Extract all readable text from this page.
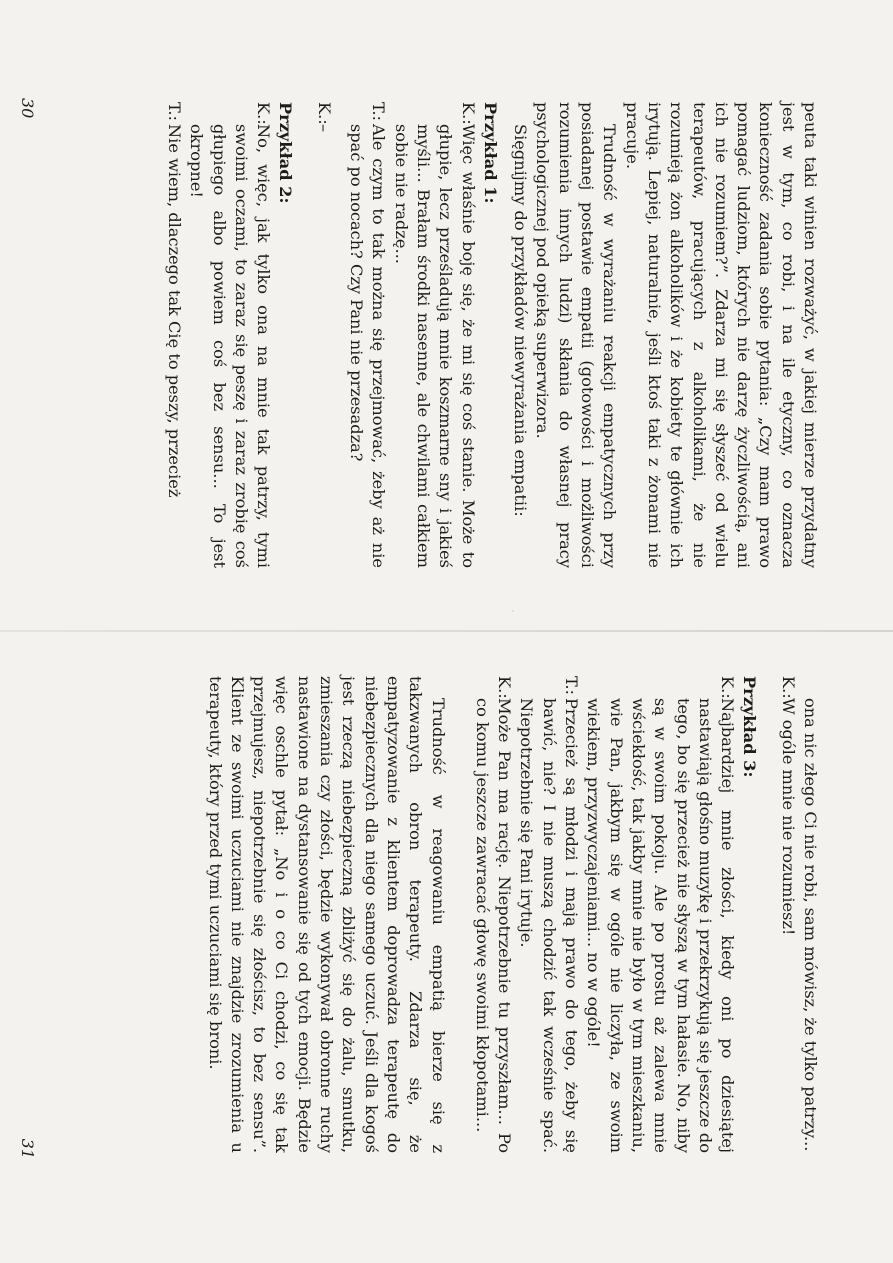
peuta taki winien rozważyć, w jakiej mierze przydatny jest w tym, co robi, i na ile etyczny, co oznacza konieczność zadania sobie pytania: „Czy mam prawo pomagać ludziom, których nie darzę życzliwością, ani ich nie rozumiem?”. Zdarza mi się słyszeć od wielu terapeutów, pracujących z alkoholikami, że nie rozumieją żon alkoholików i że kobiety te głównie ich irytują. Lepiej, naturalnie, jeśli ktoś taki z żonami nie pracuje.

Trudność w wyrażaniu reakcji empatycznych przy posiadanej postawie empatii (gotowości i możliwości rozumienia innych ludzi) skłania do własnej pracy psychologicznej pod opieką superwizora.

Sięgnijmy do przykładów niewyrażania empatii:

Przykład 1:

K.:
Więc właśnie boję się, że mi się coś stanie. Może to głupie, lecz prześladują mnie koszmarne sny i jakieś myśli... Brałam środki nasenne, ale chwilami całkiem sobie nie radzę...
T.:
Ale czym to tak można się przejmować, żeby aż nie spać po nocach? Czy Pani nie przesadza?
K.:
–

Przykład 2:

K.:
No, więc, jak tylko ona na mnie tak patrzy, tymi swoimi oczami, to zaraz się peszę i zaraz zrobię coś głupiego albo powiem coś bez sensu... To jest okropne!
T.:
Nie wiem, dlaczego tak Cię to peszy, przecież
30
ona nic złego Ci nie robi, sam mówisz, że tylko patrzy...
K.:
W ogóle mnie nie rozumiesz!

Przykład 3:

K.:
Najbardziej mnie złości, kiedy oni po dziesiątej nastawiają głośno muzykę i przekrzykują się jeszcze do tego, bo się przecież nie słyszą w tym hałasie. No, niby są w swoim pokoju. Ale po prostu aż zalewa mnie wściekłość, tak jakby mnie nie było w tym mieszkaniu, wie Pan, jakbym się w ogóle nie liczyła, ze swoim wiekiem, przyzwyczajeniami... no w ogóle!
T.:
Przecież są młodzi i mają prawo do tego, żeby się bawić, nie? I nie muszą chodzić tak wcześnie spać. Niepotrzebnie się Pani irytuje.
K.:
Może Pan ma rację. Niepotrzebnie tu przyszłam... Po co komu jeszcze zawracać głowę swoimi kłopotami...

Trudność w reagowaniu empatią bierze się z takzwanych obron terapeuty. Zdarza się, że empatyzowanie z klientem doprowadza terapeutę do niebezpiecznych dla niego samego uczuć. Jeśli dla kogoś jest rzeczą niebezpieczną zbliżyć się do żalu, smutku, zmieszania czy złości, będzie wykonywał obronne ruchy nastawione na dystansowanie się od tych emocji. Będzie więc oschle pytał: „No i o co Ci chodzi, co się tak przejmujesz, niepotrzebnie się złościsz, to bez sensu”. Klient ze swoimi uczuciami nie znajdzie zrozumienia u terapeuty, który przed tymi uczuciami się broni.

31
